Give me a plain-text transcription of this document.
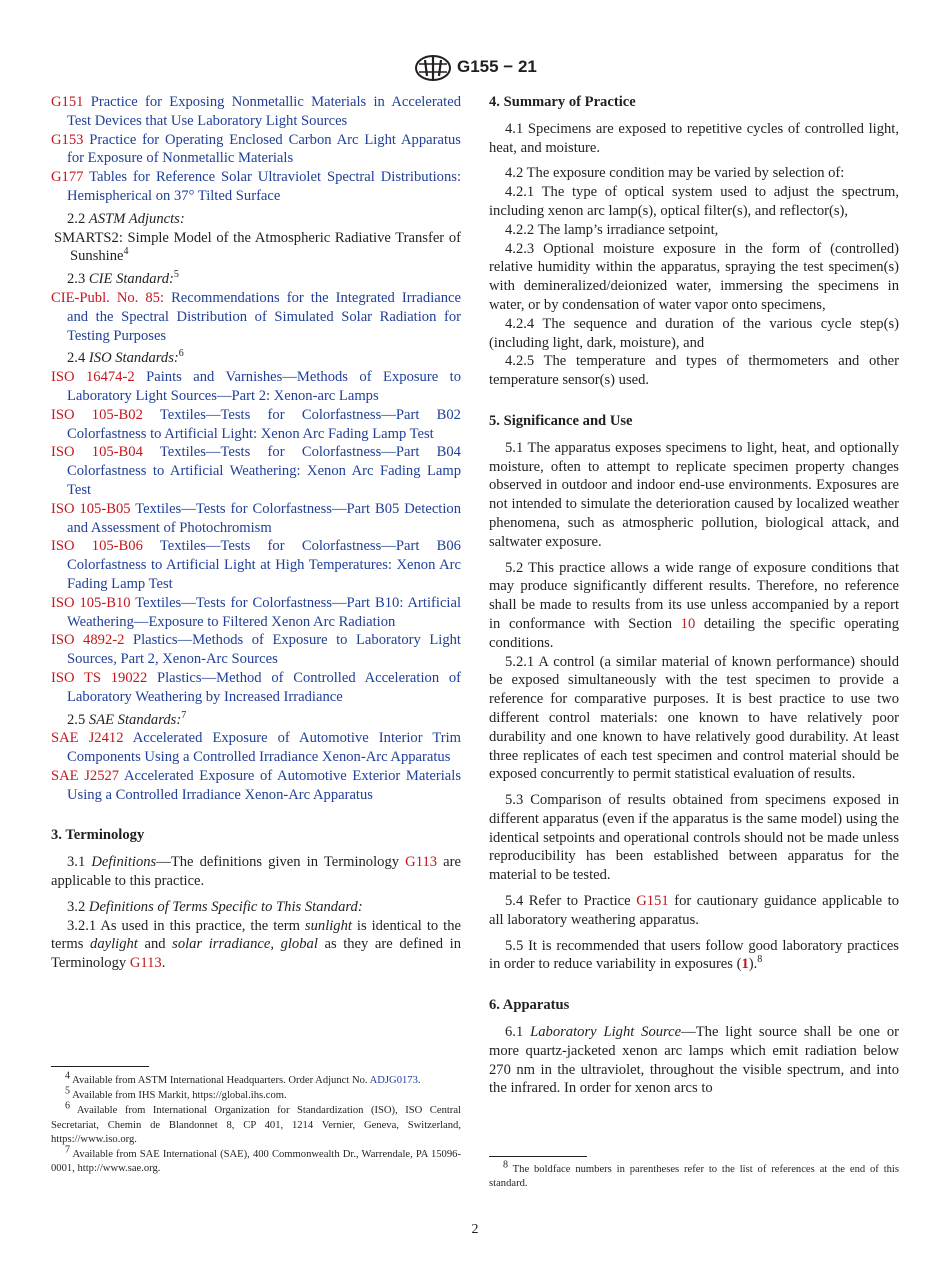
G155 − 21

G151 Practice for Exposing Nonmetallic Materials in Accelerated Test Devices that Use Laboratory Light Sources

G153 Practice for Operating Enclosed Carbon Arc Light Apparatus for Exposure of Nonmetallic Materials

G177 Tables for Reference Solar Ultraviolet Spectral Distributions: Hemispherical on 37° Tilted Surface

2.2 ASTM Adjuncts:

SMARTS2: Simple Model of the Atmospheric Radiative Transfer of Sunshine$^4$

2.3 CIE Standard:$^5$

CIE-Publ. No. 85: Recommendations for the Integrated Irradiance and the Spectral Distribution of Simulated Solar Radiation for Testing Purposes

2.4 ISO Standards:$^6$

ISO 16474-2 Paints and Varnishes—Methods of Exposure to Laboratory Light Sources—Part 2: Xenon-arc Lamps

ISO 105-B02 Textiles—Tests for Colorfastness—Part B02 Colorfastness to Artificial Light: Xenon Arc Fading Lamp Test

ISO 105-B04 Textiles—Tests for Colorfastness—Part B04 Colorfastness to Artificial Weathering: Xenon Arc Fading Lamp Test

ISO 105-B05 Textiles—Tests for Colorfastness—Part B05 Detection and Assessment of Photochromism

ISO 105-B06 Textiles—Tests for Colorfastness—Part B06 Colorfastness to Artificial Light at High Temperatures: Xenon Arc Fading Lamp Test

ISO 105-B10 Textiles—Tests for Colorfastness—Part B10: Artificial Weathering—Exposure to Filtered Xenon Arc Radiation

ISO 4892-2 Plastics—Methods of Exposure to Laboratory Light Sources, Part 2, Xenon-Arc Sources

ISO TS 19022 Plastics—Method of Controlled Acceleration of Laboratory Weathering by Increased Irradiance

2.5 SAE Standards:$^7$

SAE J2412 Accelerated Exposure of Automotive Interior Trim Components Using a Controlled Irradiance Xenon-Arc Apparatus

SAE J2527 Accelerated Exposure of Automotive Exterior Materials Using a Controlled Irradiance Xenon-Arc Apparatus

3. Terminology

3.1 Definitions—The definitions given in Terminology G113 are applicable to this practice.

3.2 Definitions of Terms Specific to This Standard:

3.2.1 As used in this practice, the term sunlight is identical to the terms daylight and solar irradiance, global as they are defined in Terminology G113.

$^4$ Available from ASTM International Headquarters. Order Adjunct No. ADJG0173.

$^5$ Available from IHS Markit, https://global.ihs.com.

$^6$ Available from International Organization for Standardization (ISO), ISO Central Secretariat, Chemin de Blandonnet 8, CP 401, 1214 Vernier, Geneva, Switzerland, https://www.iso.org.

$^7$ Available from SAE International (SAE), 400 Commonwealth Dr., Warrendale, PA 15096-0001, http://www.sae.org.

4. Summary of Practice

4.1 Specimens are exposed to repetitive cycles of controlled light, heat, and moisture.

4.2 The exposure condition may be varied by selection of:

4.2.1 The type of optical system used to adjust the spectrum, including xenon arc lamp(s), optical filter(s), and reflector(s),

4.2.2 The lamp’s irradiance setpoint,

4.2.3 Optional moisture exposure in the form of (controlled) relative humidity within the apparatus, spraying the test specimen(s) with demineralized/deionized water, immersing the specimens in water, or by condensation of water vapor onto specimens,

4.2.4 The sequence and duration of the various cycle step(s) (including light, dark, moisture), and

4.2.5 The temperature and types of thermometers and other temperature sensor(s) used.

5. Significance and Use

5.1 The apparatus exposes specimens to light, heat, and optionally moisture, often to attempt to replicate specimen property changes observed in outdoor and indoor end-use environments. Exposures are not intended to simulate the deterioration caused by localized weather phenomena, such as atmospheric pollution, biological attack, and saltwater exposure.

5.2 This practice allows a wide range of exposure conditions that may produce significantly different results. Therefore, no reference shall be made to results from its use unless accompanied by a report in conformance with Section 10 detailing the specific operating conditions.

5.2.1 A control (a similar material of known performance) should be exposed simultaneously with the test specimen to provide a reference for comparative purposes. It is best practice to use two different control materials: one known to have relatively poor durability and one known to have relatively good durability. At least three replicates of each test specimen and control material should be exposed concurrently to permit statistical evaluation of results.

5.3 Comparison of results obtained from specimens exposed in different apparatus (even if the apparatus is the same model) using the identical setpoints and operational controls should not be made unless reproducibility has been established between apparatus for the material to be tested.

5.4 Refer to Practice G151 for cautionary guidance applicable to all laboratory weathering apparatus.

5.5 It is recommended that users follow good laboratory practices in order to reduce variability in exposures (1).$^8$

6. Apparatus

6.1 Laboratory Light Source—The light source shall be one or more quartz-jacketed xenon arc lamps which emit radiation below 270 nm in the ultraviolet, throughout the visible spectrum, and into the infrared. In order for xenon arcs to

$^8$ The boldface numbers in parentheses refer to the list of references at the end of this standard.

2
